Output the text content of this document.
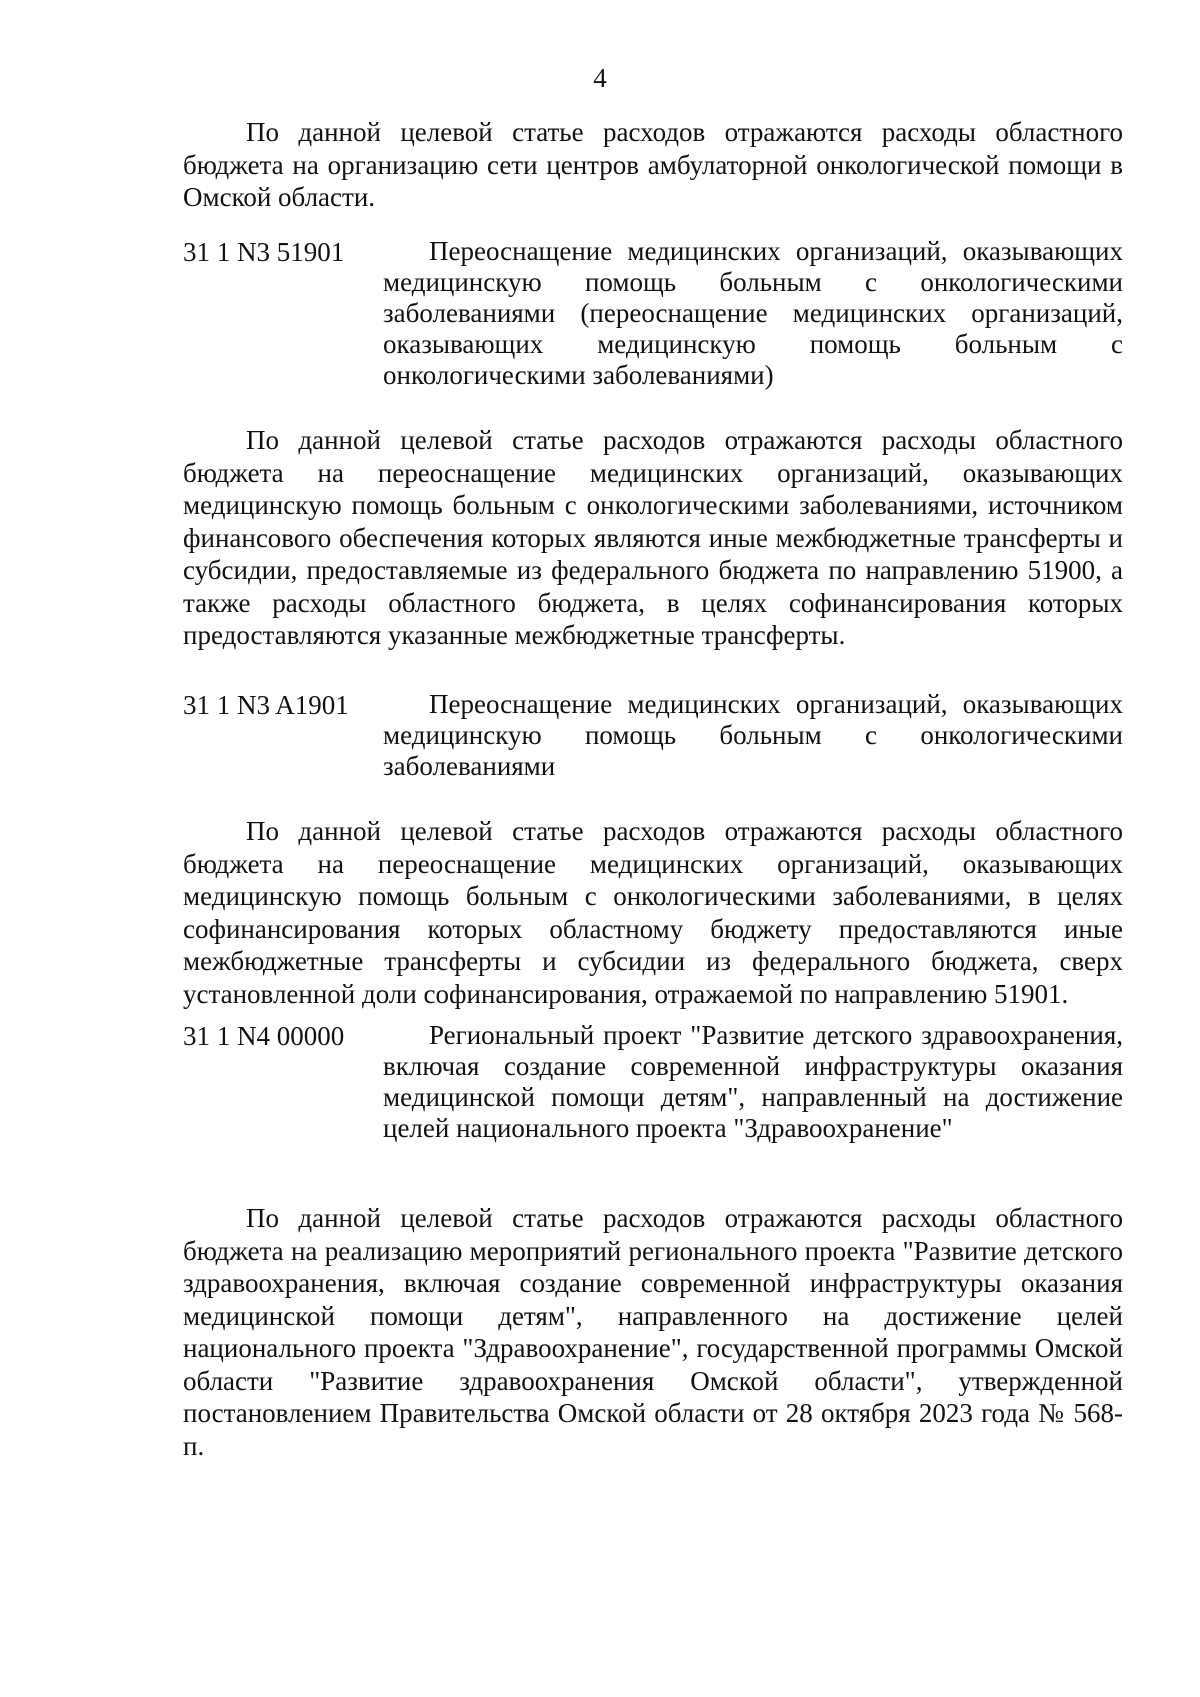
4

По данной целевой статье расходов отражаются расходы областного бюджета на организацию сети центров амбулаторной онкологической помощи в Омской области.

31 1 N3 51901	Переоснащение медицинских организаций, оказывающих медицинскую помощь больным с онкологическими заболеваниями (переоснащение медицинских организаций, оказывающих медицинскую помощь больным с онкологическими заболеваниями)

По данной целевой статье расходов отражаются расходы областного бюджета на переоснащение медицинских организаций, оказывающих медицинскую помощь больным с онкологическими заболеваниями, источником финансового обеспечения которых являются иные межбюджетные трансферты и субсидии, предоставляемые из федерального бюджета по направлению 51900, а также расходы областного бюджета, в целях софинансирования которых предоставляются указанные межбюджетные трансферты.

31 1 N3 A1901	Переоснащение медицинских организаций, оказывающих медицинскую помощь больным с онкологическими заболеваниями

По данной целевой статье расходов отражаются расходы областного бюджета на переоснащение медицинских организаций, оказывающих медицинскую помощь больным с онкологическими заболеваниями, в целях софинансирования которых областному бюджету предоставляются иные межбюджетные трансферты и субсидии из федерального бюджета, сверх установленной доли софинансирования, отражаемой по направлению 51901.

31 1 N4 00000	Региональный проект "Развитие детского здравоохранения, включая создание современной инфраструктуры оказания медицинской помощи детям", направленный на достижение целей национального проекта "Здравоохранение"

По данной целевой статье расходов отражаются расходы областного бюджета на реализацию мероприятий регионального проекта "Развитие детского здравоохранения, включая создание современной инфраструктуры оказания медицинской помощи детям", направленного на достижение целей национального проекта "Здравоохранение", государственной программы Омской области "Развитие здравоохранения Омской области", утвержденной постановлением Правительства Омской области от 28 октября 2023 года № 568-п.
